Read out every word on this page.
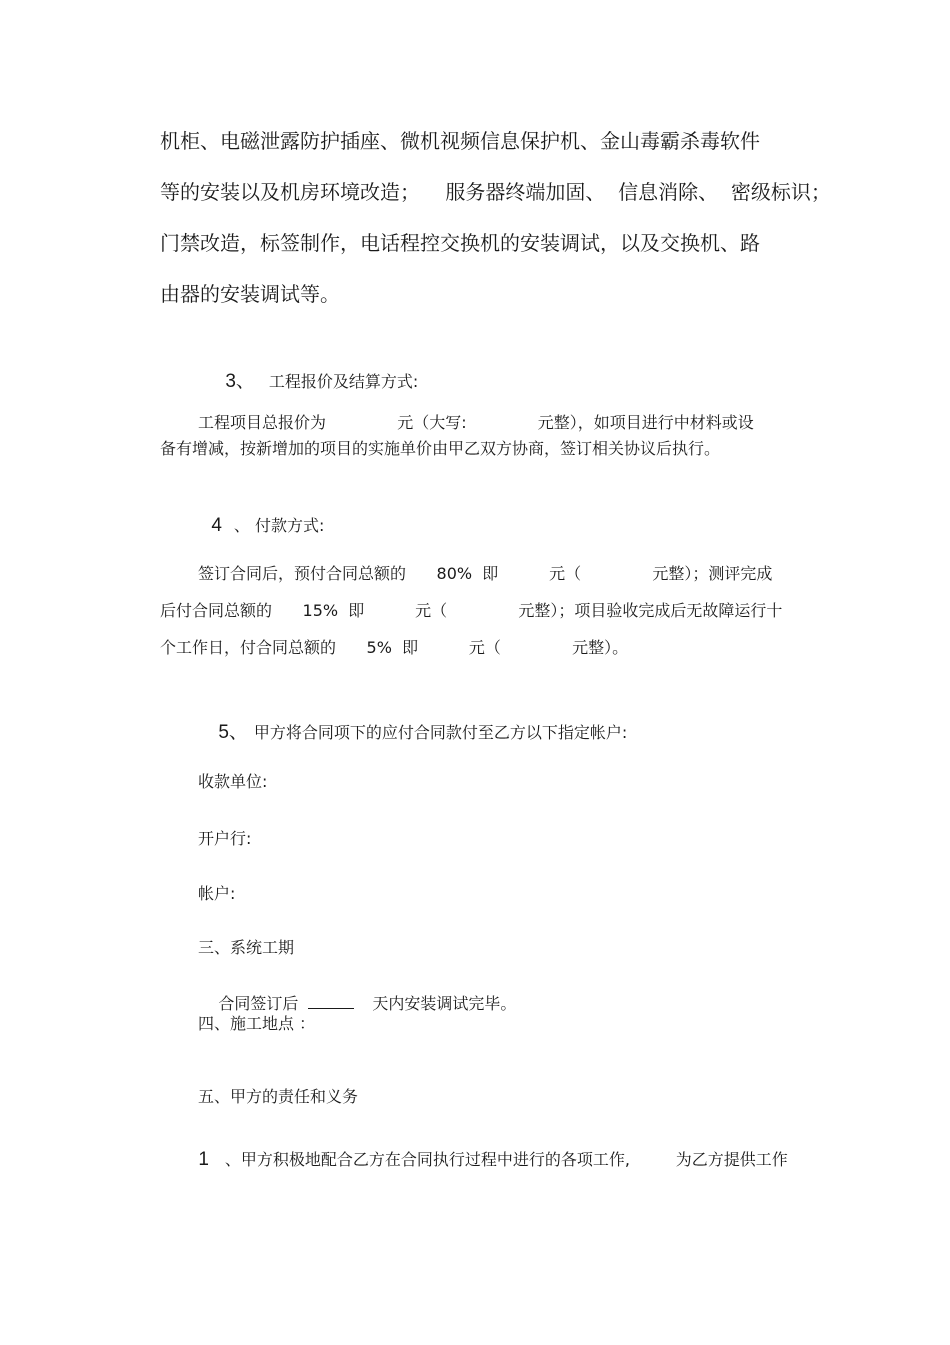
机柜、电磁泄露防护插座、微机视频信息保护机、金山毒霸杀毒软件
等的安装以及机房环境改造；    服务器终端加固、  信息消除、  密级标识；
门禁改造，标签制作，电话程控交换机的安装调试，以及交换机、路
由器的安装调试等。

3、 工程报价及结算方式:

工程项目总报价为              元（大写:              元整），如项目进行中材料或设
备有增减，按新增加的项目的实施单价由甲乙双方协商，签订相关协议后执行。

4 、 付款方式:

签订合同后，预付合同总额的      80%  即          元（              元整）；测评完成
后付合同总额的      15%  即          元（              元整）；项目验收完成后无故障运行十
个工作日，付合同总额的      5%  即          元（              元整）。

5、 甲方将合同项下的应付合同款付至乙方以下指定帐户:

收款单位:
开户行:
帐户:
三、系统工期

合同签订后	天内安装调试完毕。

四、施工地点 ：
五、甲方的责任和义务

1 、甲方积极地配合乙方在合同执行过程中进行的各项工作,         为乙方提供工作
